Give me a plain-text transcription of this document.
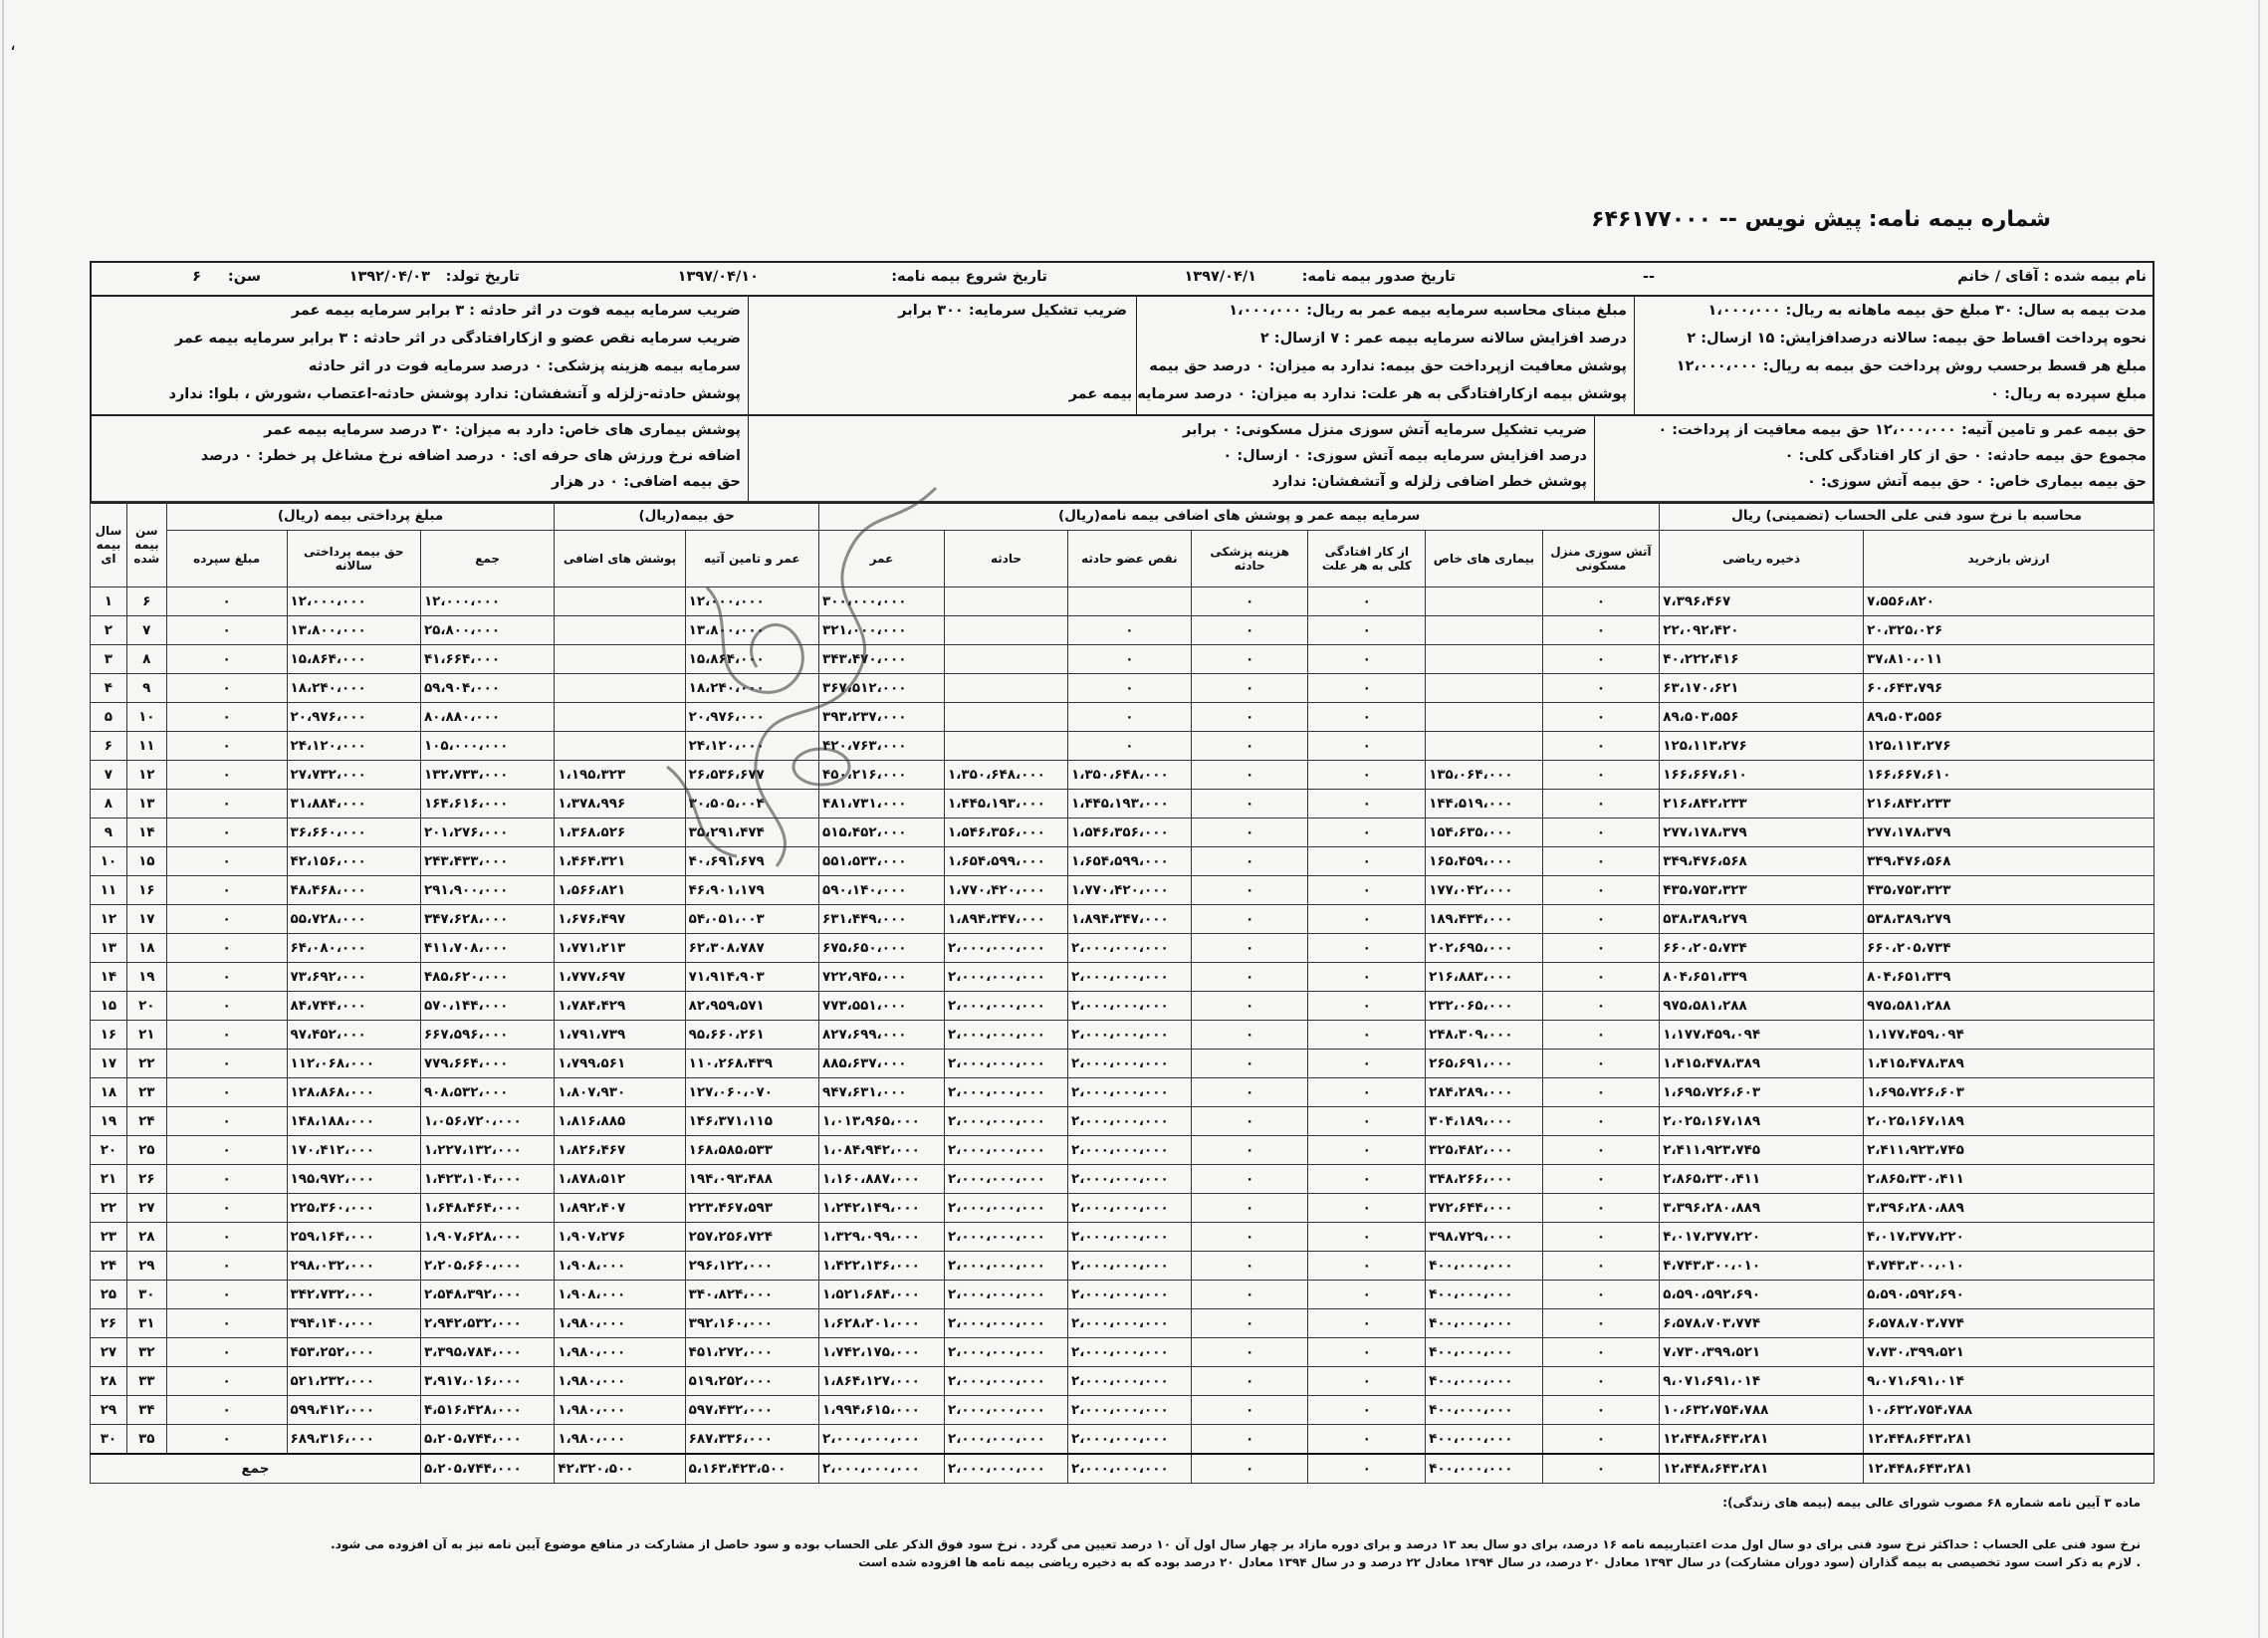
،
شماره بیمه نامه:
پیش نویس -- ۶۴۶۱۷۷۰۰۰
نام بیمه شده : آقای / خانم
--
تاریخ صدور بیمه نامه:
۱۳۹۷/۰۴/۱
تاریخ شروع بیمه نامه:
۱۳۹۷/۰۴/۱۰
تاریخ تولد:
۱۳۹۲/۰۴/۰۳
سن:
۶
مدت بیمه به سال: ۳۰ مبلغ حق بیمه ماهانه به ریال: ۱،۰۰۰،۰۰۰
نحوه پرداخت اقساط حق بیمه: سالانه درصدافزایش: ۱۵ ازسال: ۲
مبلغ هر قسط برحسب روش پرداخت حق بیمه به ریال: ۱۲،۰۰۰،۰۰۰
مبلغ سپرده به ریال: ۰
مبلغ مبنای محاسبه سرمایه بیمه عمر به ریال: ۱،۰۰۰،۰۰۰
درصد افزایش سالانه سرمایه بیمه عمر : ۷ ازسال: ۲
پوشش معافیت ازپرداخت حق بیمه: ندارد به میزان: ۰ درصد حق بیمه
پوشش بیمه ازکارافتادگی به هر علت: ندارد به میزان: ۰ درصد سرمایه بیمه عمر
ضریب تشکیل سرمایه: ۳۰۰ برابر
ضریب سرمایه بیمه فوت در اثر حادثه : ۳ برابر سرمایه بیمه عمر
ضریب سرمایه نقص عضو و ازکارافتادگی در اثر حادثه : ۳ برابر سرمایه بیمه عمر
سرمایه بیمه هزینه پزشکی: ۰ درصد سرمایه فوت در اثر حادثه
پوشش حادثه-زلزله و آتشفشان: ندارد پوشش حادثه-اعتصاب ،شورش ، بلوا: ندارد
حق بیمه عمر و تامین آتیه: ۱۲،۰۰۰،۰۰۰ حق بیمه معافیت از پرداخت: ۰
مجموع حق بیمه حادثه: ۰ حق از کار افتادگی کلی: ۰
حق بیمه بیماری خاص: ۰ حق بیمه آتش سوزی: ۰
ضریب تشکیل سرمایه آتش سوزی منزل مسکونی: ۰ برابر
درصد افزایش سرمایه بیمه آتش سوزی: ۰ ازسال: ۰
پوشش خطر اضافی زلزله و آتشفشان: ندارد
پوشش بیماری های خاص: دارد به میزان: ۳۰ درصد سرمایه بیمه عمر
اضافه نرخ ورزش های حرفه ای: ۰ درصد اضافه نرخ مشاغل پر خطر: ۰ درصد
حق بیمه اضافی: ۰ در هزار
محاسبه با نرخ سود فنی علی الحساب (تضمینی) ریال		سرمایه بیمه عمر و پوشش های اضافی بیمه نامه(ریال)							حق بیمه(ریال)		مبلغ پرداختی بیمه (ریال)			سن بیمه شده	سال بیمه ای
ارزش بازخرید	ذخیره ریاضی	آتش سوزی منزل مسکونی	بیماری های خاص	از کار افتادگی کلی به هر علت	هزینه پزشکی حادثه	نقص عضو حادثه	حادثه	عمر	عمر و تامین آتیه	پوشش های اضافی	جمع	حق بیمه پرداختی سالانه	مبلغ سپرده		
۷،۵۵۶،۸۲۰	۷،۳۹۶،۴۶۷	۰		۰	۰			۳۰۰،۰۰۰،۰۰۰	۱۲،۰۰۰،۰۰۰		۱۲،۰۰۰،۰۰۰	۱۲،۰۰۰،۰۰۰	۰	۶	۱
۲۰،۳۲۵،۰۲۶	۲۲،۰۹۲،۴۲۰	۰		۰	۰	۰		۳۲۱،۰۰۰،۰۰۰	۱۳،۸۰۰،۰۰۰		۲۵،۸۰۰،۰۰۰	۱۳،۸۰۰،۰۰۰	۰	۷	۲
۳۷،۸۱۰،۰۱۱	۴۰،۲۲۲،۴۱۶	۰		۰	۰	۰		۳۴۳،۴۷۰،۰۰۰	۱۵،۸۶۴،۰۰۰		۴۱،۶۶۴،۰۰۰	۱۵،۸۶۴،۰۰۰	۰	۸	۳
۶۰،۶۴۳،۷۹۶	۶۳،۱۷۰،۶۲۱	۰		۰	۰	۰		۳۶۷،۵۱۲،۰۰۰	۱۸،۲۴۰،۰۰۰		۵۹،۹۰۴،۰۰۰	۱۸،۲۴۰،۰۰۰	۰	۹	۴
۸۹،۵۰۳،۵۵۶	۸۹،۵۰۳،۵۵۶	۰		۰	۰	۰		۳۹۳،۲۳۷،۰۰۰	۲۰،۹۷۶،۰۰۰		۸۰،۸۸۰،۰۰۰	۲۰،۹۷۶،۰۰۰	۰	۱۰	۵
۱۲۵،۱۱۳،۲۷۶	۱۲۵،۱۱۳،۲۷۶	۰		۰	۰	۰		۴۲۰،۷۶۳،۰۰۰	۲۴،۱۲۰،۰۰۰		۱۰۵،۰۰۰،۰۰۰	۲۴،۱۲۰،۰۰۰	۰	۱۱	۶
۱۶۶،۶۶۷،۶۱۰	۱۶۶،۶۶۷،۶۱۰	۰	۱۳۵،۰۶۴،۰۰۰	۰	۰	۱،۳۵۰،۶۴۸،۰۰۰	۱،۳۵۰،۶۴۸،۰۰۰	۴۵۰،۲۱۶،۰۰۰	۲۶،۵۳۶،۶۷۷	۱،۱۹۵،۳۲۳	۱۳۲،۷۳۳،۰۰۰	۲۷،۷۳۲،۰۰۰	۰	۱۲	۷
۲۱۶،۸۴۲،۲۳۳	۲۱۶،۸۴۲،۲۳۳	۰	۱۴۴،۵۱۹،۰۰۰	۰	۰	۱،۴۴۵،۱۹۳،۰۰۰	۱،۴۴۵،۱۹۳،۰۰۰	۴۸۱،۷۳۱،۰۰۰	۳۰،۵۰۵،۰۰۴	۱،۳۷۸،۹۹۶	۱۶۴،۶۱۶،۰۰۰	۳۱،۸۸۴،۰۰۰	۰	۱۳	۸
۲۷۷،۱۷۸،۳۷۹	۲۷۷،۱۷۸،۳۷۹	۰	۱۵۴،۶۳۵،۰۰۰	۰	۰	۱،۵۴۶،۳۵۶،۰۰۰	۱،۵۴۶،۳۵۶،۰۰۰	۵۱۵،۴۵۲،۰۰۰	۳۵،۲۹۱،۴۷۴	۱،۳۶۸،۵۲۶	۲۰۱،۲۷۶،۰۰۰	۳۶،۶۶۰،۰۰۰	۰	۱۴	۹
۳۴۹،۴۷۶،۵۶۸	۳۴۹،۴۷۶،۵۶۸	۰	۱۶۵،۴۵۹،۰۰۰	۰	۰	۱،۶۵۴،۵۹۹،۰۰۰	۱،۶۵۴،۵۹۹،۰۰۰	۵۵۱،۵۳۳،۰۰۰	۴۰،۶۹۱،۶۷۹	۱،۴۶۴،۳۲۱	۲۴۳،۴۳۳،۰۰۰	۴۲،۱۵۶،۰۰۰	۰	۱۵	۱۰
۴۳۵،۷۵۳،۳۲۳	۴۳۵،۷۵۳،۳۲۳	۰	۱۷۷،۰۴۲،۰۰۰	۰	۰	۱،۷۷۰،۴۲۰،۰۰۰	۱،۷۷۰،۴۲۰،۰۰۰	۵۹۰،۱۴۰،۰۰۰	۴۶،۹۰۱،۱۷۹	۱،۵۶۶،۸۲۱	۲۹۱،۹۰۰،۰۰۰	۴۸،۴۶۸،۰۰۰	۰	۱۶	۱۱
۵۳۸،۳۸۹،۲۷۹	۵۳۸،۳۸۹،۲۷۹	۰	۱۸۹،۴۳۴،۰۰۰	۰	۰	۱،۸۹۴،۳۴۷،۰۰۰	۱،۸۹۴،۳۴۷،۰۰۰	۶۳۱،۴۴۹،۰۰۰	۵۴،۰۵۱،۰۰۳	۱،۶۷۶،۴۹۷	۳۴۷،۶۲۸،۰۰۰	۵۵،۷۲۸،۰۰۰	۰	۱۷	۱۲
۶۶۰،۲۰۵،۷۳۴	۶۶۰،۲۰۵،۷۳۴	۰	۲۰۲،۶۹۵،۰۰۰	۰	۰	۲،۰۰۰،۰۰۰،۰۰۰	۲،۰۰۰،۰۰۰،۰۰۰	۶۷۵،۶۵۰،۰۰۰	۶۲،۳۰۸،۷۸۷	۱،۷۷۱،۲۱۳	۴۱۱،۷۰۸،۰۰۰	۶۴،۰۸۰،۰۰۰	۰	۱۸	۱۳
۸۰۴،۶۵۱،۳۳۹	۸۰۴،۶۵۱،۳۳۹	۰	۲۱۶،۸۸۳،۰۰۰	۰	۰	۲،۰۰۰،۰۰۰،۰۰۰	۲،۰۰۰،۰۰۰،۰۰۰	۷۲۲،۹۴۵،۰۰۰	۷۱،۹۱۴،۹۰۳	۱،۷۷۷،۶۹۷	۴۸۵،۶۲۰،۰۰۰	۷۳،۶۹۲،۰۰۰	۰	۱۹	۱۴
۹۷۵،۵۸۱،۲۸۸	۹۷۵،۵۸۱،۲۸۸	۰	۲۳۲،۰۶۵،۰۰۰	۰	۰	۲،۰۰۰،۰۰۰،۰۰۰	۲،۰۰۰،۰۰۰،۰۰۰	۷۷۳،۵۵۱،۰۰۰	۸۲،۹۵۹،۵۷۱	۱،۷۸۴،۴۲۹	۵۷۰،۱۴۴،۰۰۰	۸۴،۷۴۴،۰۰۰	۰	۲۰	۱۵
۱،۱۷۷،۴۵۹،۰۹۴	۱،۱۷۷،۴۵۹،۰۹۴	۰	۲۴۸،۳۰۹،۰۰۰	۰	۰	۲،۰۰۰،۰۰۰،۰۰۰	۲،۰۰۰،۰۰۰،۰۰۰	۸۲۷،۶۹۹،۰۰۰	۹۵،۶۶۰،۲۶۱	۱،۷۹۱،۷۳۹	۶۶۷،۵۹۶،۰۰۰	۹۷،۴۵۲،۰۰۰	۰	۲۱	۱۶
۱،۴۱۵،۴۷۸،۳۸۹	۱،۴۱۵،۴۷۸،۳۸۹	۰	۲۶۵،۶۹۱،۰۰۰	۰	۰	۲،۰۰۰،۰۰۰،۰۰۰	۲،۰۰۰،۰۰۰،۰۰۰	۸۸۵،۶۳۷،۰۰۰	۱۱۰،۲۶۸،۴۳۹	۱،۷۹۹،۵۶۱	۷۷۹،۶۶۴،۰۰۰	۱۱۲،۰۶۸،۰۰۰	۰	۲۲	۱۷
۱،۶۹۵،۷۲۶،۶۰۳	۱،۶۹۵،۷۲۶،۶۰۳	۰	۲۸۴،۲۸۹،۰۰۰	۰	۰	۲،۰۰۰،۰۰۰،۰۰۰	۲،۰۰۰،۰۰۰،۰۰۰	۹۴۷،۶۳۱،۰۰۰	۱۲۷،۰۶۰،۰۷۰	۱،۸۰۷،۹۳۰	۹۰۸،۵۳۲،۰۰۰	۱۲۸،۸۶۸،۰۰۰	۰	۲۳	۱۸
۲،۰۲۵،۱۶۷،۱۸۹	۲،۰۲۵،۱۶۷،۱۸۹	۰	۳۰۴،۱۸۹،۰۰۰	۰	۰	۲،۰۰۰،۰۰۰،۰۰۰	۲،۰۰۰،۰۰۰،۰۰۰	۱،۰۱۳،۹۶۵،۰۰۰	۱۴۶،۳۷۱،۱۱۵	۱،۸۱۶،۸۸۵	۱،۰۵۶،۷۲۰،۰۰۰	۱۴۸،۱۸۸،۰۰۰	۰	۲۴	۱۹
۲،۴۱۱،۹۲۳،۷۴۵	۲،۴۱۱،۹۲۳،۷۴۵	۰	۳۲۵،۴۸۲،۰۰۰	۰	۰	۲،۰۰۰،۰۰۰،۰۰۰	۲،۰۰۰،۰۰۰،۰۰۰	۱،۰۸۴،۹۴۲،۰۰۰	۱۶۸،۵۸۵،۵۳۳	۱،۸۲۶،۴۶۷	۱،۲۲۷،۱۳۲،۰۰۰	۱۷۰،۴۱۲،۰۰۰	۰	۲۵	۲۰
۲،۸۶۵،۳۳۰،۴۱۱	۲،۸۶۵،۳۳۰،۴۱۱	۰	۳۴۸،۲۶۶،۰۰۰	۰	۰	۲،۰۰۰،۰۰۰،۰۰۰	۲،۰۰۰،۰۰۰،۰۰۰	۱،۱۶۰،۸۸۷،۰۰۰	۱۹۴،۰۹۳،۴۸۸	۱،۸۷۸،۵۱۲	۱،۴۲۳،۱۰۴،۰۰۰	۱۹۵،۹۷۲،۰۰۰	۰	۲۶	۲۱
۳،۳۹۶،۲۸۰،۸۸۹	۳،۳۹۶،۲۸۰،۸۸۹	۰	۳۷۲،۶۴۴،۰۰۰	۰	۰	۲،۰۰۰،۰۰۰،۰۰۰	۲،۰۰۰،۰۰۰،۰۰۰	۱،۲۴۲،۱۴۹،۰۰۰	۲۲۳،۴۶۷،۵۹۳	۱،۸۹۲،۴۰۷	۱،۶۴۸،۴۶۴،۰۰۰	۲۲۵،۳۶۰،۰۰۰	۰	۲۷	۲۲
۴،۰۱۷،۳۷۷،۲۲۰	۴،۰۱۷،۳۷۷،۲۲۰	۰	۳۹۸،۷۲۹،۰۰۰	۰	۰	۲،۰۰۰،۰۰۰،۰۰۰	۲،۰۰۰،۰۰۰،۰۰۰	۱،۳۲۹،۰۹۹،۰۰۰	۲۵۷،۲۵۶،۷۲۴	۱،۹۰۷،۲۷۶	۱،۹۰۷،۶۲۸،۰۰۰	۲۵۹،۱۶۴،۰۰۰	۰	۲۸	۲۳
۴،۷۴۳،۳۰۰،۰۱۰	۴،۷۴۳،۳۰۰،۰۱۰	۰	۴۰۰،۰۰۰،۰۰۰	۰	۰	۲،۰۰۰،۰۰۰،۰۰۰	۲،۰۰۰،۰۰۰،۰۰۰	۱،۴۲۲،۱۳۶،۰۰۰	۲۹۶،۱۲۲،۰۰۰	۱،۹۰۸،۰۰۰	۲،۲۰۵،۶۶۰،۰۰۰	۲۹۸،۰۳۲،۰۰۰	۰	۲۹	۲۴
۵،۵۹۰،۵۹۲،۶۹۰	۵،۵۹۰،۵۹۲،۶۹۰	۰	۴۰۰،۰۰۰،۰۰۰	۰	۰	۲،۰۰۰،۰۰۰،۰۰۰	۲،۰۰۰،۰۰۰،۰۰۰	۱،۵۲۱،۶۸۴،۰۰۰	۳۴۰،۸۲۴،۰۰۰	۱،۹۰۸،۰۰۰	۲،۵۴۸،۳۹۲،۰۰۰	۳۴۲،۷۳۲،۰۰۰	۰	۳۰	۲۵
۶،۵۷۸،۷۰۳،۷۷۴	۶،۵۷۸،۷۰۳،۷۷۴	۰	۴۰۰،۰۰۰،۰۰۰	۰	۰	۲،۰۰۰،۰۰۰،۰۰۰	۲،۰۰۰،۰۰۰،۰۰۰	۱،۶۲۸،۲۰۱،۰۰۰	۳۹۲،۱۶۰،۰۰۰	۱،۹۸۰،۰۰۰	۲،۹۴۲،۵۳۲،۰۰۰	۳۹۴،۱۴۰،۰۰۰	۰	۳۱	۲۶
۷،۷۳۰،۳۹۹،۵۲۱	۷،۷۳۰،۳۹۹،۵۲۱	۰	۴۰۰،۰۰۰،۰۰۰	۰	۰	۲،۰۰۰،۰۰۰،۰۰۰	۲،۰۰۰،۰۰۰،۰۰۰	۱،۷۴۲،۱۷۵،۰۰۰	۴۵۱،۲۷۲،۰۰۰	۱،۹۸۰،۰۰۰	۳،۳۹۵،۷۸۴،۰۰۰	۴۵۳،۲۵۲،۰۰۰	۰	۳۲	۲۷
۹،۰۷۱،۶۹۱،۰۱۴	۹،۰۷۱،۶۹۱،۰۱۴	۰	۴۰۰،۰۰۰،۰۰۰	۰	۰	۲،۰۰۰،۰۰۰،۰۰۰	۲،۰۰۰،۰۰۰،۰۰۰	۱،۸۶۴،۱۲۷،۰۰۰	۵۱۹،۲۵۲،۰۰۰	۱،۹۸۰،۰۰۰	۳،۹۱۷،۰۱۶،۰۰۰	۵۲۱،۲۳۲،۰۰۰	۰	۳۳	۲۸
۱۰،۶۳۲،۷۵۴،۷۸۸	۱۰،۶۳۲،۷۵۴،۷۸۸	۰	۴۰۰،۰۰۰،۰۰۰	۰	۰	۲،۰۰۰،۰۰۰،۰۰۰	۲،۰۰۰،۰۰۰،۰۰۰	۱،۹۹۴،۶۱۵،۰۰۰	۵۹۷،۴۳۲،۰۰۰	۱،۹۸۰،۰۰۰	۴،۵۱۶،۴۲۸،۰۰۰	۵۹۹،۴۱۲،۰۰۰	۰	۳۴	۲۹
۱۲،۴۴۸،۶۴۳،۲۸۱	۱۲،۴۴۸،۶۴۳،۲۸۱	۰	۴۰۰،۰۰۰،۰۰۰	۰	۰	۲،۰۰۰،۰۰۰،۰۰۰	۲،۰۰۰،۰۰۰،۰۰۰	۲،۰۰۰،۰۰۰،۰۰۰	۶۸۷،۳۳۶،۰۰۰	۱،۹۸۰،۰۰۰	۵،۲۰۵،۷۴۴،۰۰۰	۶۸۹،۳۱۶،۰۰۰	۰	۳۵	۳۰
۱۲،۴۴۸،۶۴۳،۲۸۱	۱۲،۴۴۸،۶۴۳،۲۸۱	۰	۴۰۰،۰۰۰،۰۰۰	۰	۰	۲،۰۰۰،۰۰۰،۰۰۰	۲،۰۰۰،۰۰۰،۰۰۰	۲،۰۰۰،۰۰۰،۰۰۰	۵،۱۶۳،۴۲۳،۵۰۰	۴۲،۳۲۰،۵۰۰	۵،۲۰۵،۷۴۴،۰۰۰	جمع			
ماده ۳ آیین نامه شماره ۶۸ مصوب شورای عالی بیمه (بیمه های زندگی):
نرخ سود فنی علی الحساب : حداکثر نرخ سود فنی برای دو سال اول مدت اعتباربیمه نامه ۱۶ درصد، برای دو سال بعد ۱۳ درصد و برای دوره مازاد بر چهار سال اول آن ۱۰ درصد تعیین می گردد . نرخ سود فوق الذکر علی الحساب بوده و سود حاصل از مشارکت در منافع موضوع آیین نامه نیز به آن افزوده می شود.
. لازم به ذکر است سود تخصیصی به بیمه گذاران (سود دوران مشارکت) در سال ۱۳۹۳ معادل ۲۰ درصد، در سال ۱۳۹۴ معادل ۲۲ درصد و در سال ۱۳۹۴ معادل ۲۰ درصد بوده که به ذخیره ریاضی بیمه نامه ها افزوده شده است
